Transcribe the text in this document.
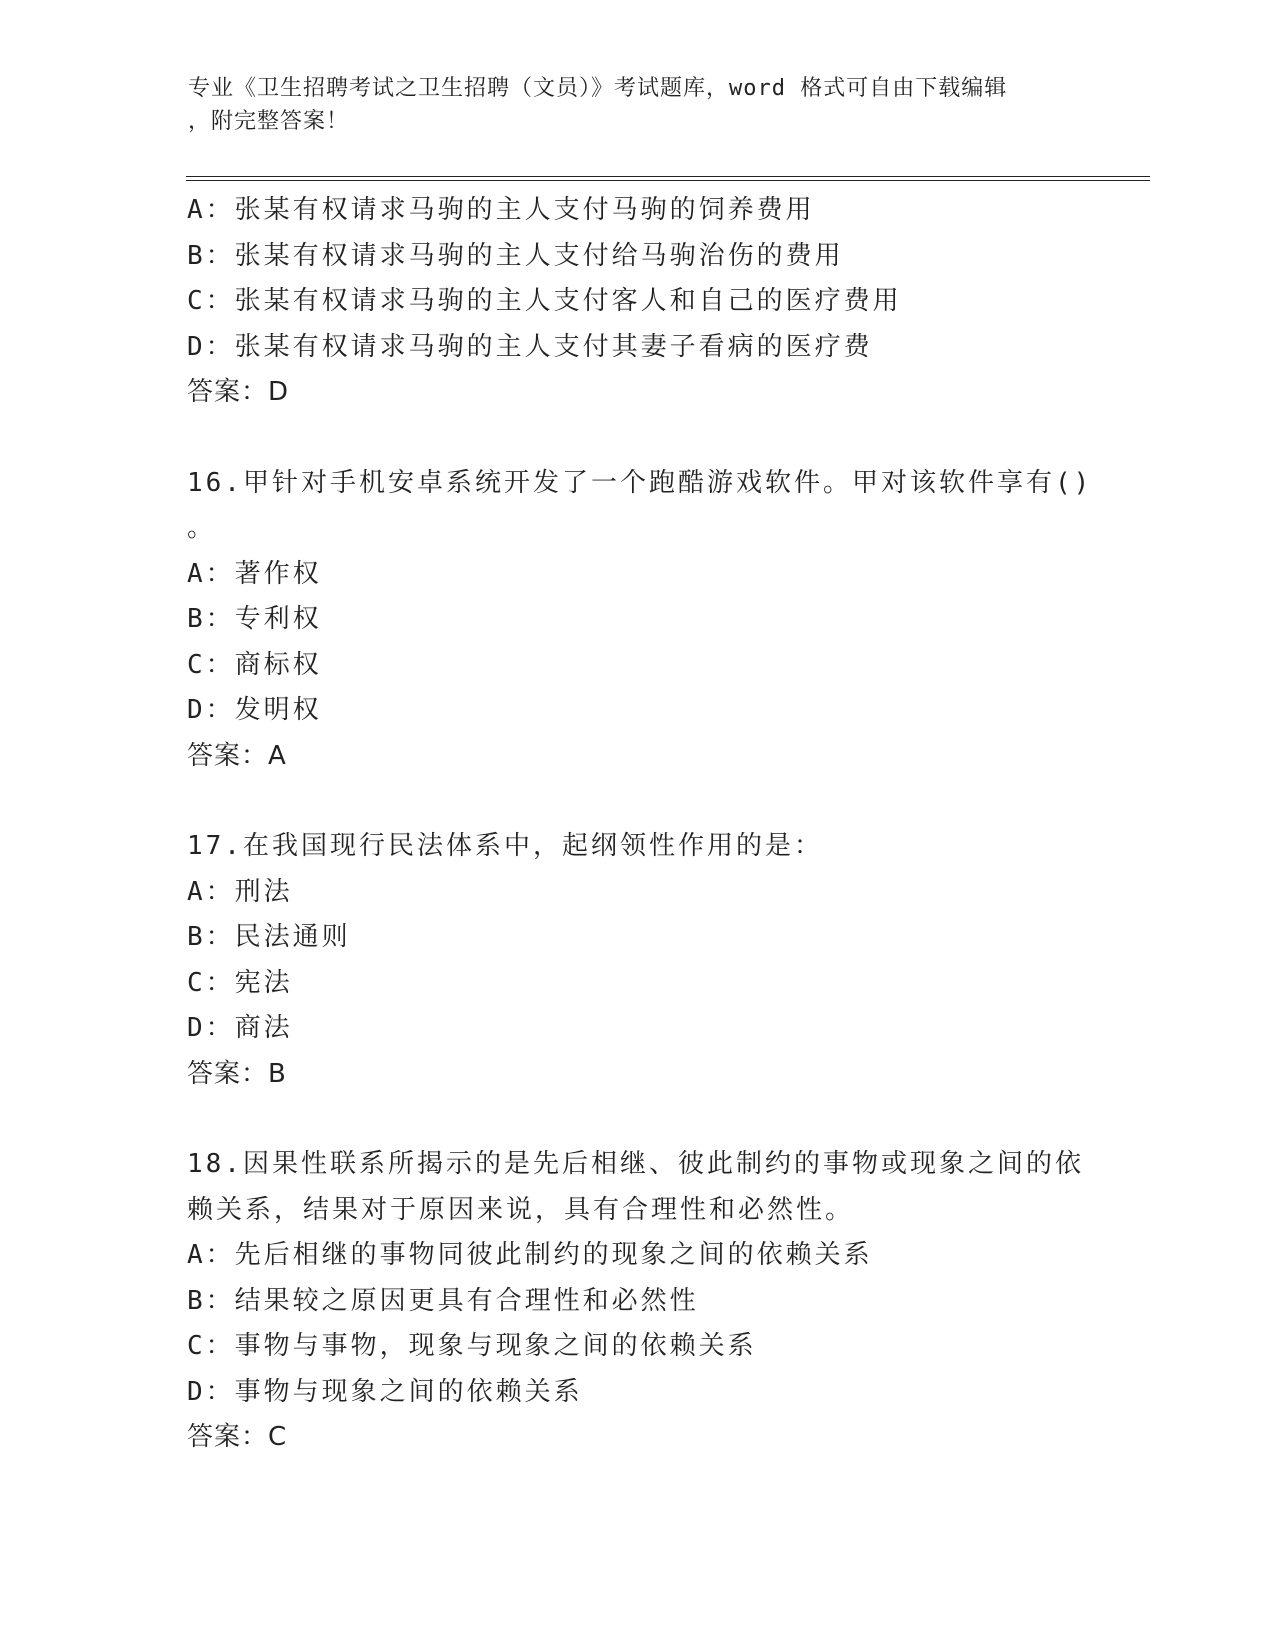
专业《卫生招聘考试之卫生招聘（文员）》考试题库，word 格式可自由下载编辑
，附完整答案！
A：张某有权请求马驹的主人支付马驹的饲养费用
B：张某有权请求马驹的主人支付给马驹治伤的费用
C：张某有权请求马驹的主人支付客人和自己的医疗费用
D：张某有权请求马驹的主人支付其妻子看病的医疗费
答案：D
16.甲针对手机安卓系统开发了一个跑酷游戏软件。甲对该软件享有()
。
A：著作权
B：专利权
C：商标权
D：发明权
答案：A
17.在我国现行民法体系中，起纲领性作用的是：
A：刑法
B：民法通则
C：宪法
D：商法
答案：B
18.因果性联系所揭示的是先后相继、彼此制约的事物或现象之间的依
赖关系，结果对于原因来说，具有合理性和必然性。
A：先后相继的事物同彼此制约的现象之间的依赖关系
B：结果较之原因更具有合理性和必然性
C：事物与事物，现象与现象之间的依赖关系
D：事物与现象之间的依赖关系
答案：C
